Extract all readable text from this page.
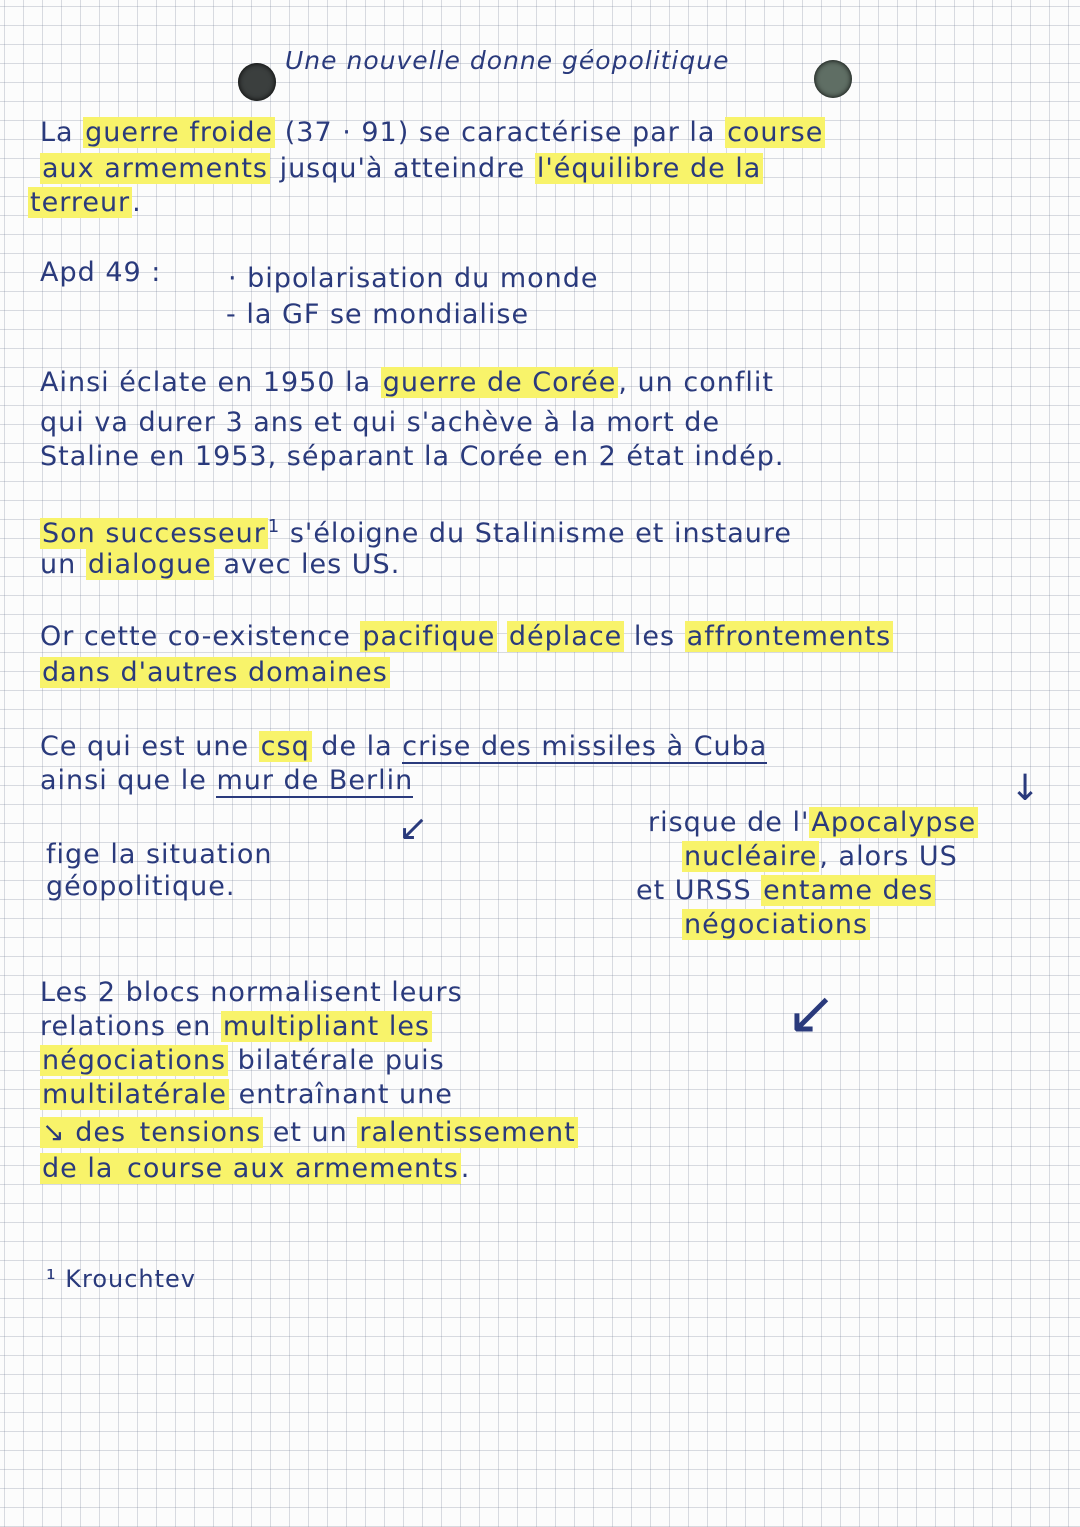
Une nouvelle donne géopolitique
La guerre froide (37 · 91) se caractérise par la course
aux armements jusqu'à atteindre l'équilibre de la
terreur.
Apd 49 : · bipolarisation du monde
- la GF se mondialise
Ainsi éclate en 1950 la guerre de Corée, un conflit
qui va durer 3 ans et qui s'achève à la mort de
Staline en 1953, séparant la Corée en 2 état indép.
Son successeur $^1$ s'éloigne du Stalinisme et instaure
un dialogue avec les US.
Or cette co-existence pacifique déplace les affrontements
dans d'autres domaines
Ce qui est une csq de la crise des missiles à Cuba
ainsi que le mur de Berlin	↓
↙
fige la situation
géopolitique.
risque de l'Apocalypse
nucléaire, alors US
et URSS entame des
négociations
↙
Les 2 blocs normalisent leurs
relations en multipliant les
négociations bilatérale puis
multilatérale entraînant une
↘ des tensions et un ralentissement
de la course aux armements.
¹ Krouchtev
